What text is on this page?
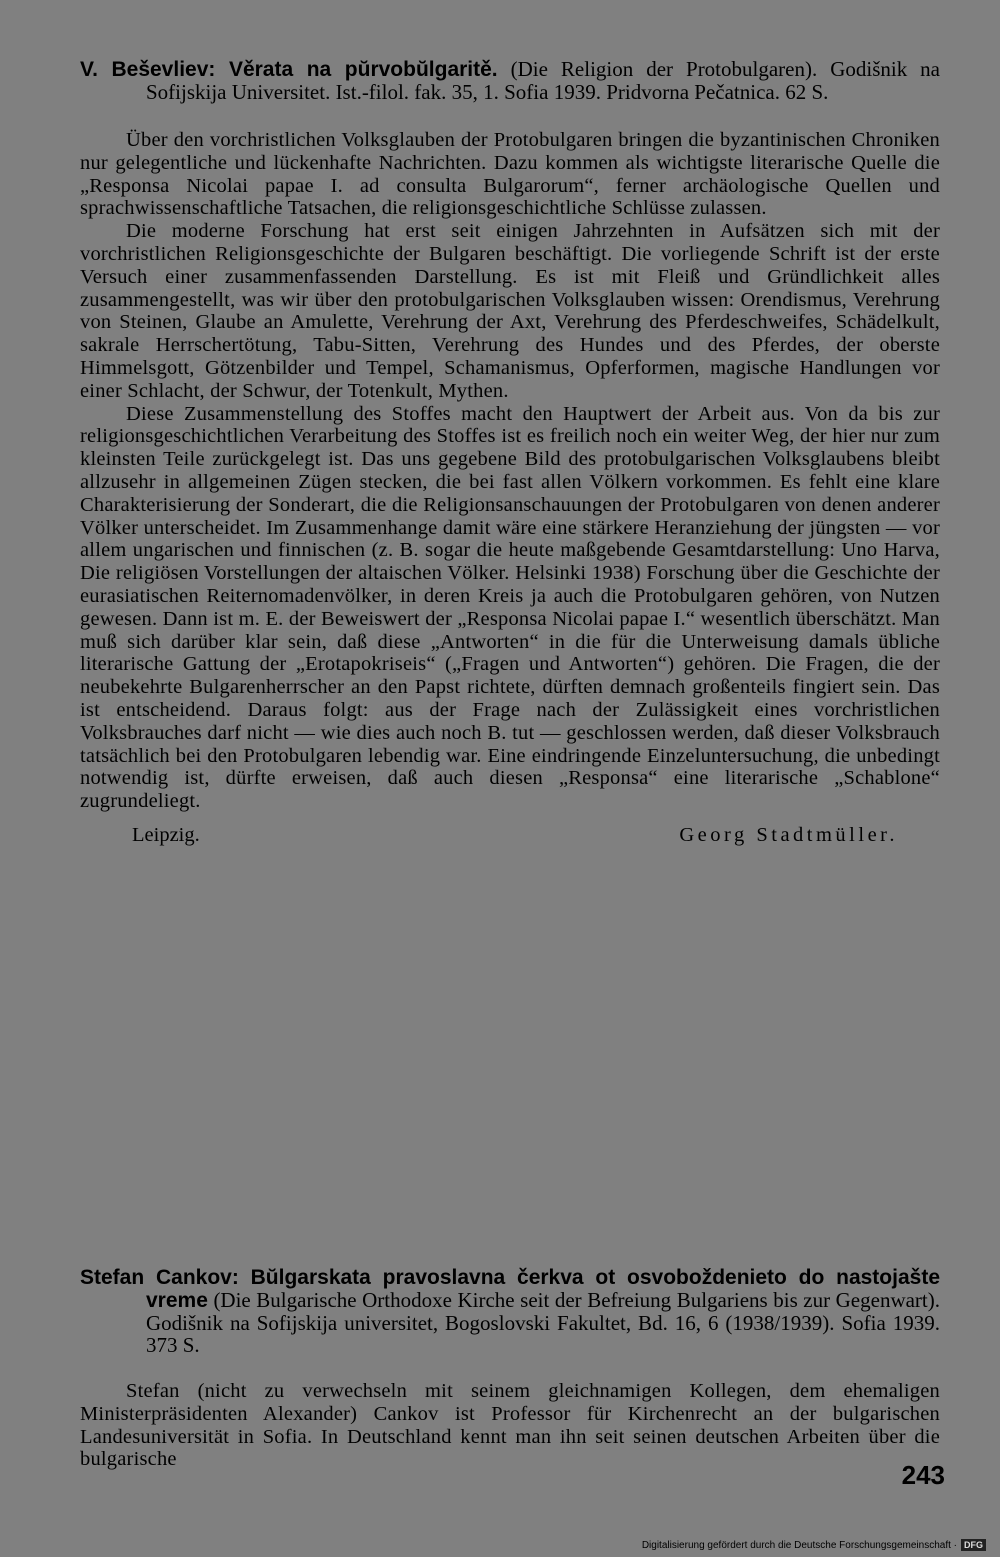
V. Beševliev: Věrata na pŭrvobŭlgaritě. (Die Religion der Protobulgaren). Godišnik na Sofijskija Universitet. Ist.-filol. fak. 35, 1. Sofia 1939. Pridvorna Pečatnica. 62 S.

Über den vorchristlichen Volksglauben der Protobulgaren bringen die byzantinischen Chroniken nur gelegentliche und lückenhafte Nachrichten. Dazu kommen als wichtigste literarische Quelle die „Responsa Nicolai papae I. ad consulta Bulgarorum“, ferner archäologische Quellen und sprachwissenschaftliche Tatsachen, die religionsgeschichtliche Schlüsse zulassen.

Die moderne Forschung hat erst seit einigen Jahrzehnten in Aufsätzen sich mit der vorchristlichen Religionsgeschichte der Bulgaren beschäftigt. Die vorliegende Schrift ist der erste Versuch einer zusammenfassenden Darstellung. Es ist mit Fleiß und Gründlichkeit alles zusammengestellt, was wir über den protobulgarischen Volksglauben wissen: Orendismus, Verehrung von Steinen, Glaube an Amulette, Verehrung der Axt, Verehrung des Pferdeschweifes, Schädelkult, sakrale Herrschertötung, Tabu-Sitten, Verehrung des Hundes und des Pferdes, der oberste Himmelsgott, Götzenbilder und Tempel, Schamanismus, Opferformen, magische Handlungen vor einer Schlacht, der Schwur, der Totenkult, Mythen.

Diese Zusammenstellung des Stoffes macht den Hauptwert der Arbeit aus. Von da bis zur religionsgeschichtlichen Verarbeitung des Stoffes ist es freilich noch ein weiter Weg, der hier nur zum kleinsten Teile zurückgelegt ist. Das uns gegebene Bild des protobulgarischen Volksglaubens bleibt allzusehr in allgemeinen Zügen stecken, die bei fast allen Völkern vorkommen. Es fehlt eine klare Charakterisierung der Sonderart, die die Religionsanschauungen der Protobulgaren von denen anderer Völker unterscheidet. Im Zusammenhange damit wäre eine stärkere Heranziehung der jüngsten — vor allem ungarischen und finnischen (z. B. sogar die heute maßgebende Gesamtdarstellung: Uno Harva, Die religiösen Vorstellungen der altaischen Völker. Helsinki 1938) Forschung über die Geschichte der eurasiatischen Reiternomadenvölker, in deren Kreis ja auch die Protobulgaren gehören, von Nutzen gewesen. Dann ist m. E. der Beweiswert der „Responsa Nicolai papae I.“ wesentlich überschätzt. Man muß sich darüber klar sein, daß diese „Antworten“ in die für die Unterweisung damals übliche literarische Gattung der „Erotapokriseis“ („Fragen und Antworten“) gehören. Die Fragen, die der neubekehrte Bulgarenherrscher an den Papst richtete, dürften demnach großenteils fingiert sein. Das ist entscheidend. Daraus folgt: aus der Frage nach der Zulässigkeit eines vorchristlichen Volksbrauches darf nicht — wie dies auch noch B. tut — geschlossen werden, daß dieser Volksbrauch tatsächlich bei den Protobulgaren lebendig war. Eine eindringende Einzeluntersuchung, die unbedingt notwendig ist, dürfte erweisen, daß auch diesen „Responsa“ eine literarische „Schablone“ zugrundeliegt.

Leipzig.	Georg Stadtmüller.

Stefan Cankov: Bŭlgarskata pravoslavna čerkva ot osvoboždenieto do nastojašte vreme (Die Bulgarische Orthodoxe Kirche seit der Befreiung Bulgariens bis zur Gegenwart). Godišnik na Sofijskija universitet, Bogoslovski Fakultet, Bd. 16, 6 (1938/1939). Sofia 1939. 373 S.

Stefan (nicht zu verwechseln mit seinem gleichnamigen Kollegen, dem ehemaligen Ministerpräsidenten Alexander) Cankov ist Professor für Kirchenrecht an der bulgarischen Landesuniversität in Sofia. In Deutschland kennt man ihn seit seinen deutschen Arbeiten über die bulgarische

243
Digitalisierung gefördert durch die Deutsche Forschungsgemeinschaft · DFG
